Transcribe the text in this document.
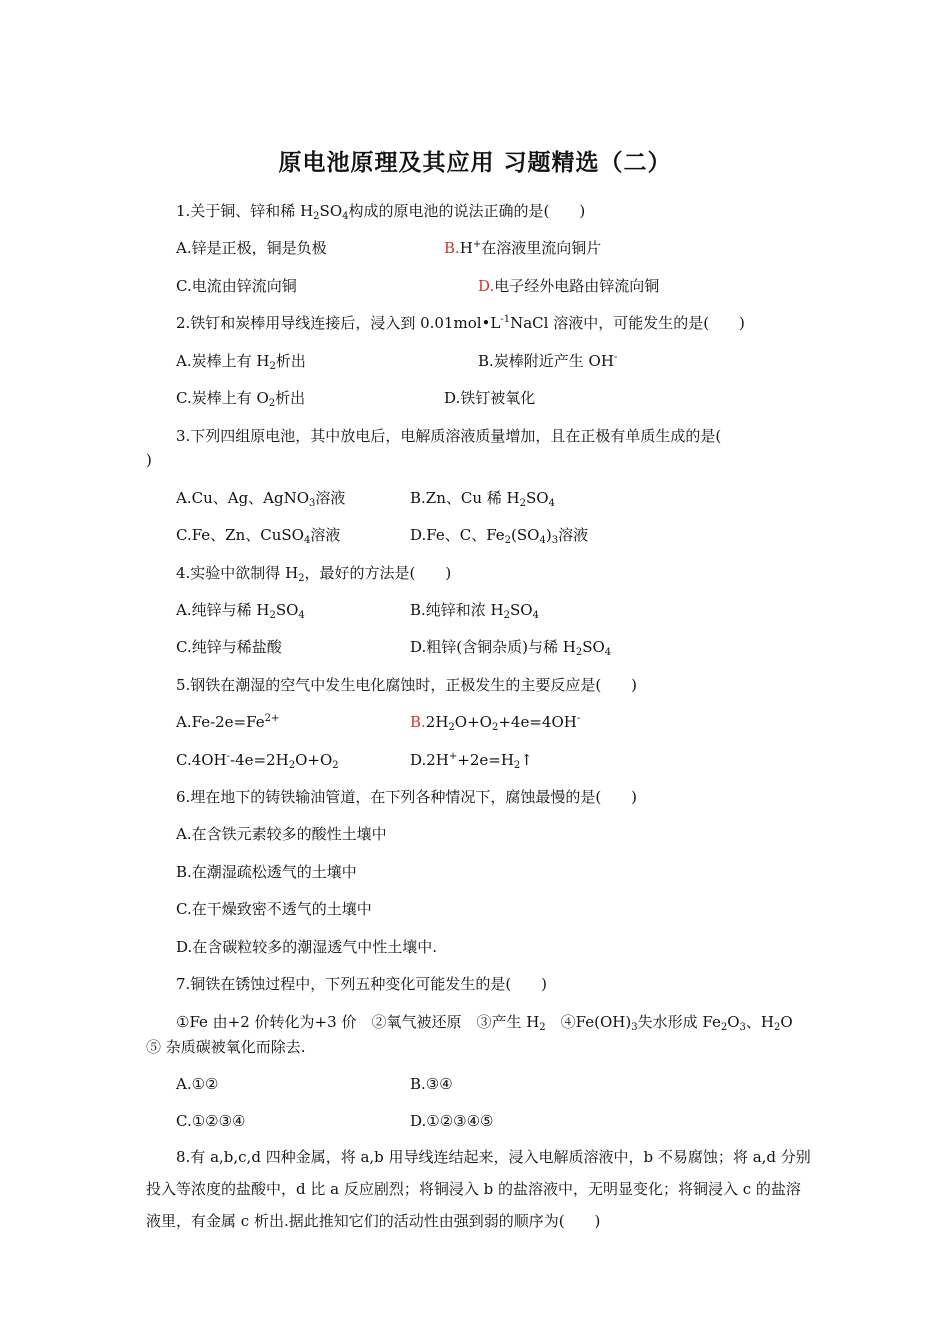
原电池原理及其应用 习题精选（二）
1.关于铜、锌和稀 $H_2SO_4$构成的原电池的说法正确的是(　　)
A.锌是正极，铜是负极	B.H+在溶液里流向铜片
C.电流由锌流向铜	D.电子经外电路由锌流向铜
2.铁钉和炭棒用导线连接后，浸入到 $0.01mol•L^{-1}NaCl$ 溶液中，可能发生的是(　　)
A.炭棒上有 $H_2$析出	B.炭棒附近产生 OH-
C.炭棒上有 $O_2$析出	D.铁钉被氧化
3.下列四组原电池，其中放电后，电解质溶液质量增加，且在正极有单质生成的是(
)
A.Cu、Ag、AgNO$_3$溶液	B.Zn、Cu 稀 $H_2SO_4$
C.Fe、Zn、CuSO$_4$溶液	D.Fe、C、$Fe_2(SO_4)_3$溶液
4.实验中欲制得 $H_2$，最好的方法是(　　)
A.纯锌与稀 $H_2SO_4$	B.纯锌和浓 $H_2SO_4$
C.纯锌与稀盐酸	D.粗锌(含铜杂质)与稀 $H_2SO_4$
5.钢铁在潮湿的空气中发生电化腐蚀时，正极发生的主要反应是(　　)
$A.Fe-2e=Fe^{2+}$	$B.2H_2O+O_2+4e=4OH^-$
$C.4OH^--4e=2H_2O+O_2$	$D.2H^++2e=H_2↑$
6.埋在地下的铸铁输油管道，在下列各种情况下，腐蚀最慢的是(　　)
A.在含铁元素较多的酸性土壤中
B.在潮湿疏松透气的土壤中
C.在干燥致密不透气的土壤中
D.在含碳粒较多的潮湿透气中性土壤中.
7.铜铁在锈蚀过程中，下列五种变化可能发生的是(　　)
①Fe 由+2 价转化为+3 价　②氧气被还原　③产生 $H_2$　$④Fe(OH)_3$失水形成 $Fe_2O_3$、$H_2O$
⑤ 杂质碳被氧化而除去.
A.①②	B.③④
C.①②③④	D.①②③④⑤
8.有 a,b,c,d 四种金属，将 a,b 用导线连结起来，浸入电解质溶液中，b 不易腐蚀；将 a,d 分别投入等浓度的盐酸中，d 比 a 反应剧烈；将铜浸入 b 的盐溶液中，无明显变化；将铜浸入 c 的盐溶液里，有金属 c 析出.据此推知它们的活动性由强到弱的顺序为(　　)
